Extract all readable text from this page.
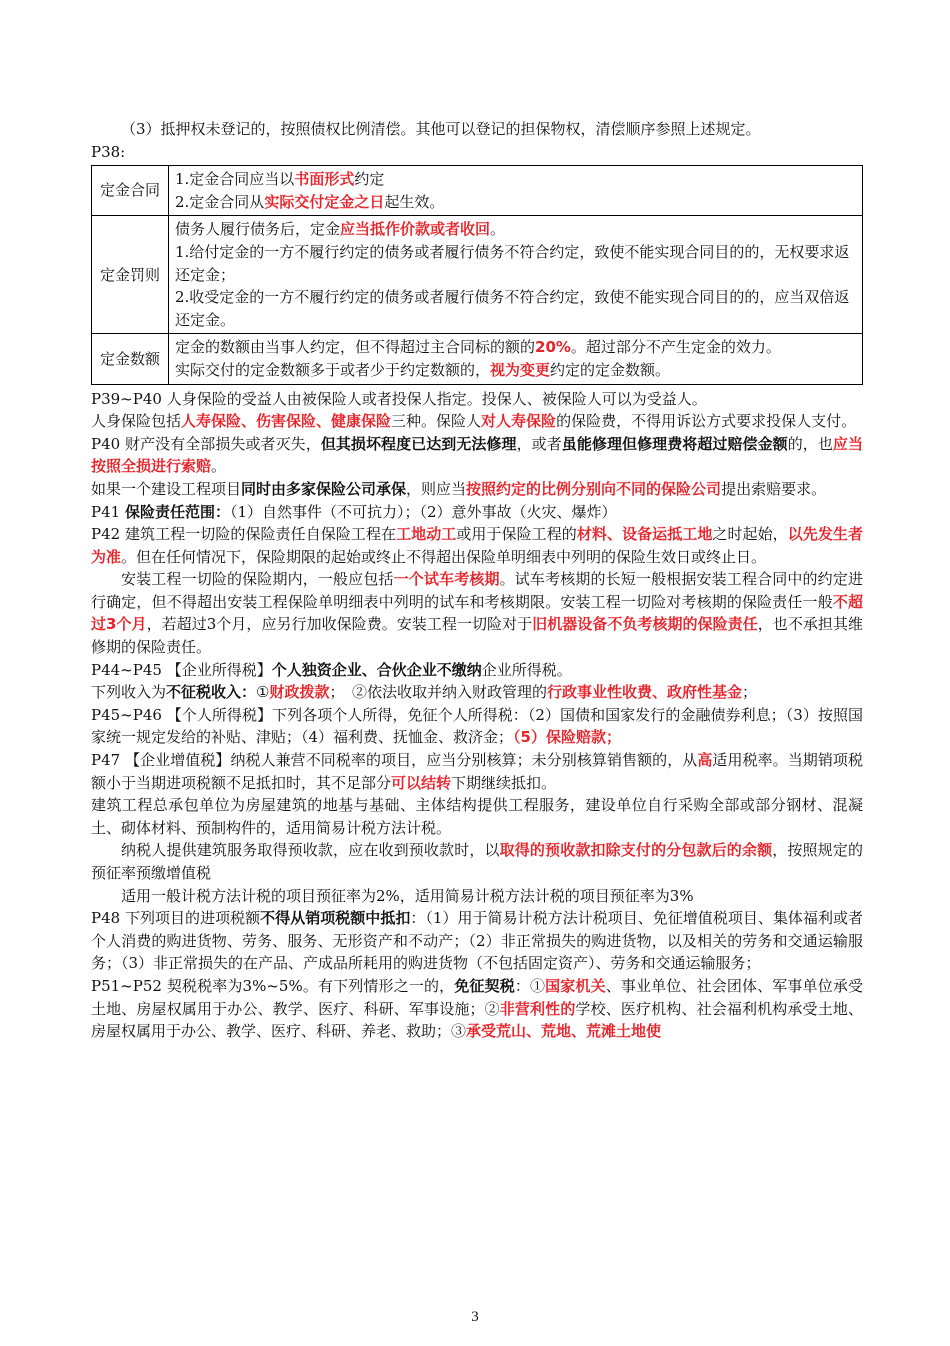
（3）抵押权未登记的，按照债权比例清偿。其他可以登记的担保物权，清偿顺序参照上述规定。

P38:

定金合同	1.定金合同应当以书面形式约定
2.定金合同从实际交付定金之日起生效。

定金罚则	债务人履行债务后，定金应当抵作价款或者收回。
1.给付定金的一方不履行约定的债务或者履行债务不符合约定，致使不能实现合同目的的，无权要求返还定金；
2.收受定金的一方不履行约定的债务或者履行债务不符合约定，致使不能实现合同目的的，应当双倍返还定金。

定金数额	定金的数额由当事人约定，但不得超过主合同标的额的20%。超过部分不产生定金的效力。
实际交付的定金数额多于或者少于约定数额的，视为变更约定的定金数额。

P39~P40 人身保险的受益人由被保险人或者投保人指定。投保人、被保险人可以为受益人。

人身保险包括人寿保险、伤害保险、健康保险三种。保险人对人寿保险的保险费，不得用诉讼方式要求投保人支付。

P40 财产没有全部损失或者灭失，但其损坏程度已达到无法修理，或者虽能修理但修理费将超过赔偿金额的，也应当按照全损进行索赔。

如果一个建设工程项目同时由多家保险公司承保，则应当按照约定的比例分别向不同的保险公司提出索赔要求。

P41 保险责任范围：（1）自然事件（不可抗力）；（2）意外事故（火灾、爆炸）

P42 建筑工程一切险的保险责任自保险工程在工地动工或用于保险工程的材料、设备运抵工地之时起始，以先发生者为准。但在任何情况下，保险期限的起始或终止不得超出保险单明细表中列明的保险生效日或终止日。

安装工程一切险的保险期内，一般应包括一个试车考核期。试车考核期的长短一般根据安装工程合同中的约定进行确定，但不得超出安装工程保险单明细表中列明的试车和考核期限。安装工程一切险对考核期的保险责任一般不超过3个月，若超过3个月，应另行加收保险费。安装工程一切险对于旧机器设备不负考核期的保险责任，也不承担其维修期的保险责任。

P44~P45 【企业所得税】个人独资企业、合伙企业不缴纳企业所得税。

下列收入为不征税收入：①财政拨款；　②依法收取并纳入财政管理的行政事业性收费、政府性基金；

P45~P46 【个人所得税】下列各项个人所得，免征个人所得税：（2）国债和国家发行的金融债券利息；（3）按照国家统一规定发给的补贴、津贴；（4）福利费、抚恤金、救济金；（5）保险赔款；

P47 【企业增值税】纳税人兼营不同税率的项目，应当分别核算；未分别核算销售额的，从高适用税率。当期销项税额小于当期进项税额不足抵扣时，其不足部分可以结转下期继续抵扣。

建筑工程总承包单位为房屋建筑的地基与基础、主体结构提供工程服务，建设单位自行采购全部或部分钢材、混凝土、砌体材料、预制构件的，适用简易计税方法计税。

纳税人提供建筑服务取得预收款，应在收到预收款时，以取得的预收款扣除支付的分包款后的余额，按照规定的预征率预缴增值税

适用一般计税方法计税的项目预征率为2%，适用简易计税方法计税的项目预征率为3%

P48 下列项目的进项税额不得从销项税额中抵扣：（1）用于简易计税方法计税项目、免征增值税项目、集体福利或者个人消费的购进货物、劳务、服务、无形资产和不动产；（2）非正常损失的购进货物，以及相关的劳务和交通运输服务；（3）非正常损失的在产品、产成品所耗用的购进货物（不包括固定资产）、劳务和交通运输服务；

P51~P52 契税税率为3%~5%。有下列情形之一的，免征契税：①国家机关、事业单位、社会团体、军事单位承受土地、房屋权属用于办公、教学、医疗、科研、军事设施；②非营利性的学校、医疗机构、社会福利机构承受土地、房屋权属用于办公、教学、医疗、科研、养老、救助；③承受荒山、荒地、荒滩土地使

3
